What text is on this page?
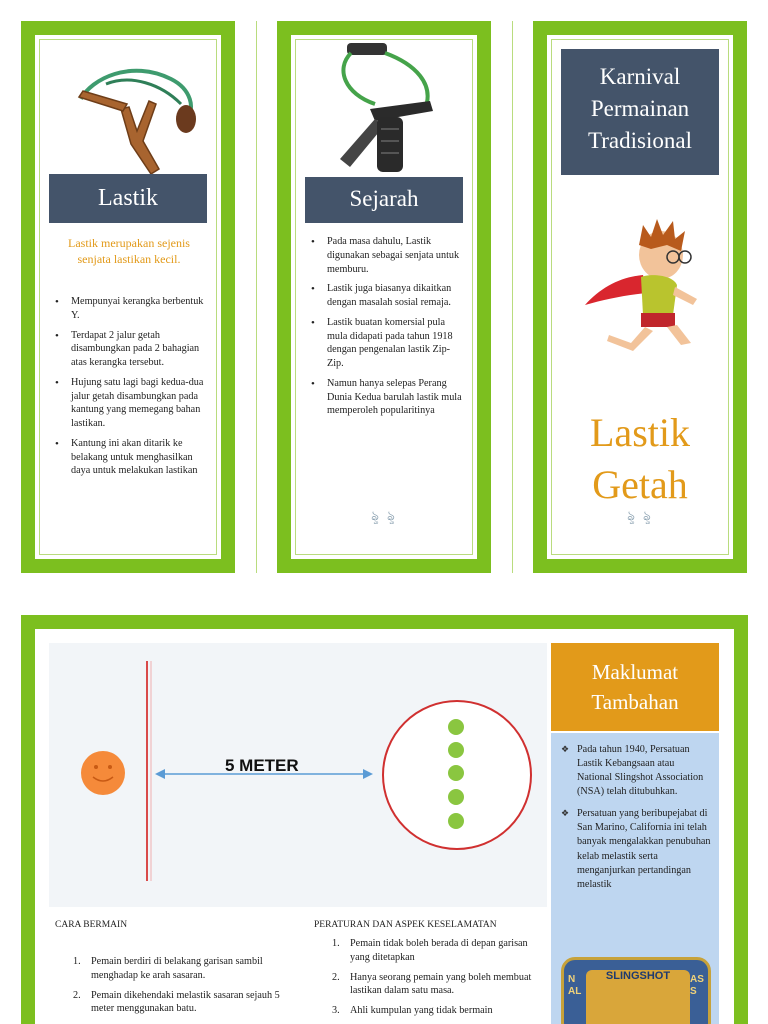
Lastik
Lastik merupakan sejenis senjata lastikan kecil.
• Mempunyai kerangka berbentuk Y.
• Terdapat 2 jalur getah disambungkan pada 2 bahagian atas kerangka tersebut.
• Hujung satu lagi bagi kedua-dua jalur getah disambungkan pada kantung yang memegang bahan lastikan.
• Kantung ini akan ditarik ke belakang untuk menghasilkan daya untuk melakukan lastikan
Sejarah
• Pada masa dahulu, Lastik digunakan sebagai senjata untuk memburu.
• Lastik juga biasanya dikaitkan dengan masalah sosial remaja.
• Lastik buatan komersial pula mula didapati pada tahun 1918 dengan pengenalan lastik Zip-Zip.
• Namun hanya selepas Perang Dunia Kedua barulah lastik mula memperoleh popularitinya
ৡ ৡ
Karnival
Permainan
Tradisional
Lastik
Getah
ৡ ৡ
5 METER
CARA BERMAIN
1. Pemain berdiri di belakang garisan sambil menghadap ke arah sasaran.
2. Pemain dikehendaki melastik sasaran sejauh 5 meter menggunakan batu.
PERATURAN DAN ASPEK KESELAMATAN
1. Pemain tidak boleh berada di depan garisan yang ditetapkan
2. Hanya seorang pemain yang boleh membuat lastikan dalam satu masa.
3. Ahli kumpulan yang tidak bermain
Maklumat
Tambahan
❖ Pada tahun 1940, Persatuan Lastik Kebangsaan atau National Slingshot Association (NSA) telah ditubuhkan.
❖ Persatuan yang beribupejabat di San Marino, California ini telah banyak mengalakkan penubuhan kelab melastik serta menganjurkan pertandingan melastik
SLINGSHOT
NAL
ASS
